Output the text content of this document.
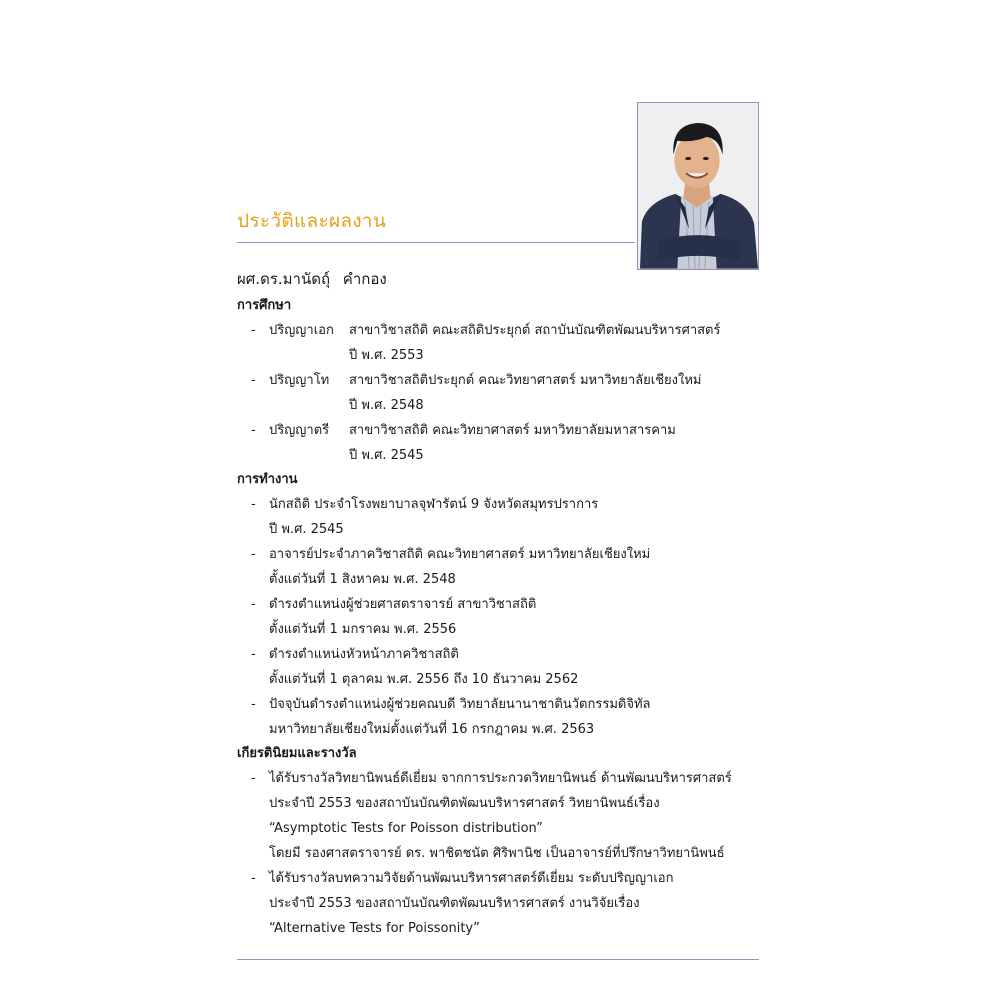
ประวัติและผลงาน
ผศ.ดร.มานัดถุ์ คำกอง
การศึกษา
-	ปริญญาเอก	สาขาวิชาสถิติ คณะสถิติประยุกต์ สถาบันบัณฑิตพัฒนบริหารศาสตร์
ปี พ.ศ. 2553
-	ปริญญาโท	สาขาวิชาสถิติประยุกต์ คณะวิทยาศาสตร์ มหาวิทยาลัยเชียงใหม่
ปี พ.ศ. 2548
-	ปริญญาตรี	สาขาวิชาสถิติ คณะวิทยาศาสตร์ มหาวิทยาลัยมหาสารคาม
ปี พ.ศ. 2545
การทำงาน
-	นักสถิติ ประจำโรงพยาบาลจุฬารัตน์ 9 จังหวัดสมุทรปราการ
ปี พ.ศ. 2545
-	อาจารย์ประจำภาควิชาสถิติ คณะวิทยาศาสตร์ มหาวิทยาลัยเชียงใหม่
ตั้งแต่วันที่ 1 สิงหาคม พ.ศ. 2548
-	ดำรงตำแหน่งผู้ช่วยศาสตราจารย์ สาขาวิชาสถิติ
ตั้งแต่วันที่ 1 มกราคม พ.ศ. 2556
-	ดำรงตำแหน่งหัวหน้าภาควิชาสถิติ
ตั้งแต่วันที่ 1 ตุลาคม พ.ศ. 2556 ถึง 10 ธันวาคม 2562
-	ปัจจุบันดำรงตำแหน่งผู้ช่วยคณบดี วิทยาลัยนานาชาตินวัตกรรมดิจิทัล
มหาวิทยาลัยเชียงใหม่ตั้งแต่วันที่ 16 กรกฎาคม พ.ศ. 2563
เกียรตินิยมและรางวัล
-	ได้รับรางวัลวิทยานิพนธ์ดีเยี่ยม จากการประกวดวิทยานิพนธ์ ด้านพัฒนบริหารศาสตร์
ประจำปี 2553 ของสถาบันบัณฑิตพัฒนบริหารศาสตร์ วิทยานิพนธ์เรื่อง
“Asymptotic Tests for Poisson distribution”
โดยมี รองศาสตราจารย์ ดร. พาชิตชนัต ศิริพานิช เป็นอาจารย์ที่ปรึกษาวิทยานิพนธ์
-	ได้รับรางวัลบทความวิจัยด้านพัฒนบริหารศาสตร์ดีเยี่ยม ระดับปริญญาเอก
ประจำปี 2553 ของสถาบันบัณฑิตพัฒนบริหารศาสตร์ งานวิจัยเรื่อง
“Alternative Tests for Poissonity”
